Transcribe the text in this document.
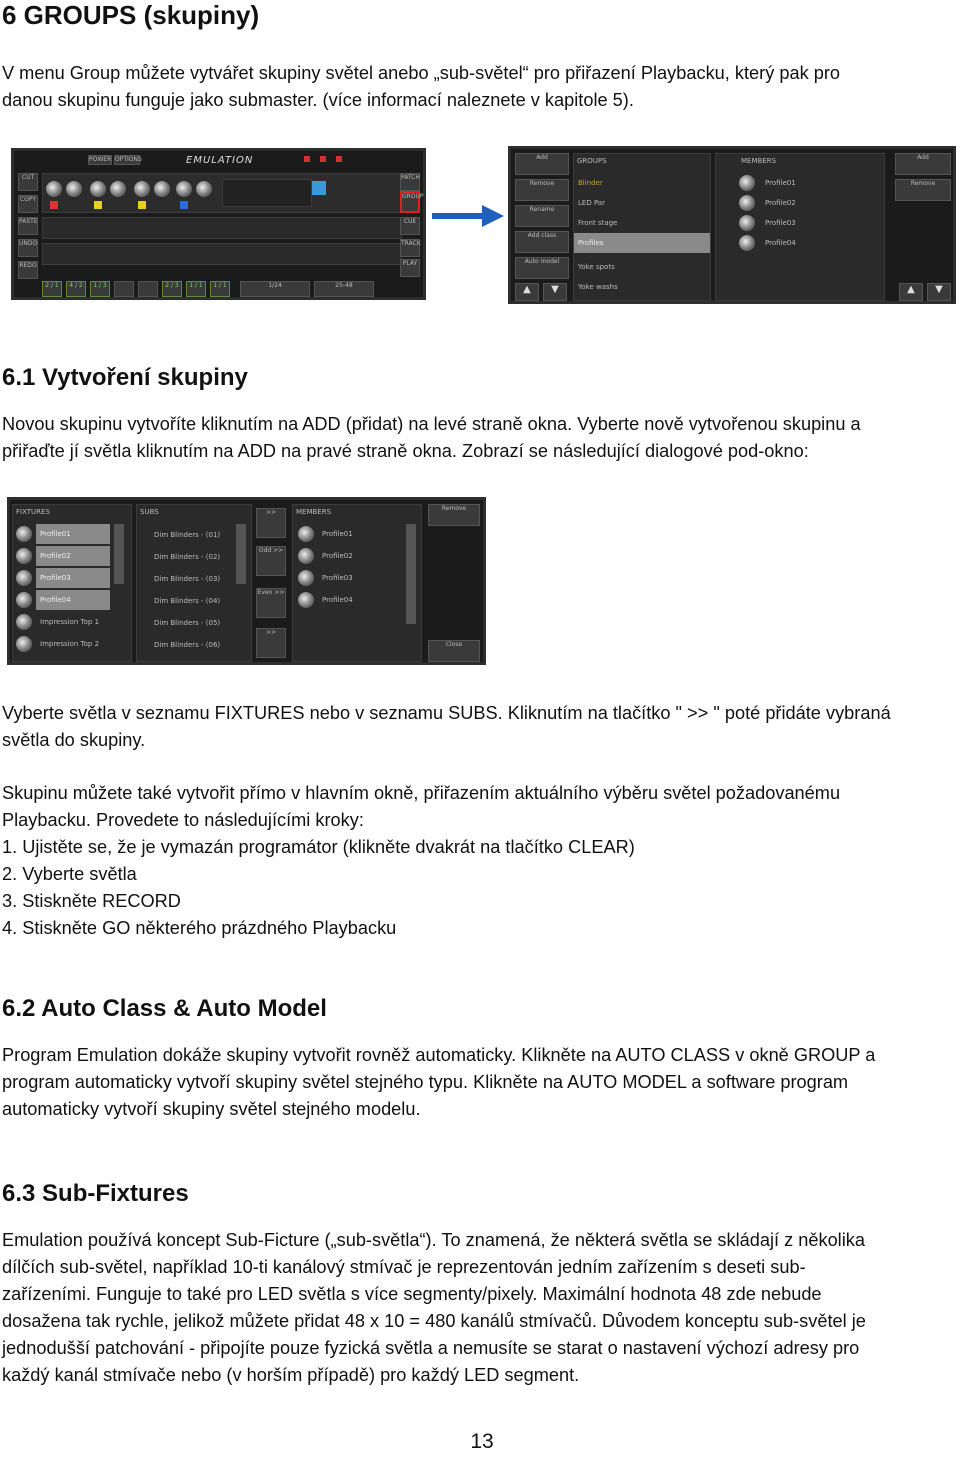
6 GROUPS (skupiny)
V menu Group můžete vytvářet skupiny světel anebo „sub-světel“ pro přiřazení Playbacku, který pak pro
danou skupinu funguje jako submaster. (více informací naleznete v kapitole 5).
POWER OPTIONS	EMULATION
CUT
COPY
PASTE
UNDO
REDO
PATCH
GROUP
CUE
TRACK
PLAY
2 / 1	4 / 2	1 / 3	2 / 3	1 / 1	1 / 1	1/24	25-48
Add
Remove
Rename
Add class
Auto model
▲	▼
GROUPS
Blinder
LED Par
Front stage
Profiles
Yoke spots
Yoke washs
MEMBERS
Profile01
Profile02
Profile03
Profile04
Add
Remove
▲	▼
6.1 Vytvoření skupiny
Novou skupinu vytvoříte kliknutím na ADD (přidat) na levé straně okna. Vyberte nově vytvořenou skupinu a
přiřaďte jí světla kliknutím na ADD na pravé straně okna. Zobrazí se následující dialogové pod-okno:
FIXTURES
Profile01
Profile02
Profile03
Profile04
Impression Top 1
Impression Top 2
SUBS
Dim Blinders - (01)
Dim Blinders - (02)
Dim Blinders - (03)
Dim Blinders - (04)
Dim Blinders - (05)
Dim Blinders - (06)
>>
Odd >>
Even >>
>>
MEMBERS
Profile01
Profile02
Profile03
Profile04
Remove
Close
Vyberte světla v seznamu FIXTURES nebo v seznamu SUBS. Kliknutím na tlačítko " >> " poté přidáte vybraná
světla do skupiny.
Skupinu můžete také vytvořit přímo v hlavním okně, přiřazením aktuálního výběru světel požadovanému
Playbacku. Provedete to následujícími kroky:
1. Ujistěte se, že je vymazán programátor (klikněte dvakrát na tlačítko CLEAR)
2. Vyberte světla
3. Stiskněte RECORD
4. Stiskněte GO některého prázdného Playbacku
6.2 Auto Class & Auto Model
Program Emulation dokáže skupiny vytvořit rovněž automaticky. Klikněte na AUTO CLASS v okně GROUP a
program automaticky vytvoří skupiny světel stejného typu. Klikněte na AUTO MODEL a software program
automaticky vytvoří skupiny světel stejného modelu.
6.3 Sub-Fixtures
Emulation používá koncept Sub-Ficture („sub-světla“). To znamená, že některá světla se skládají z několika
dílčích sub-světel, například 10-ti kanálový stmívač je reprezentován jedním zařízením s deseti sub-
zařízeními. Funguje to také pro LED světla s více segmenty/pixely. Maximální hodnota 48 zde nebude
dosažena tak rychle, jelikož můžete přidat 48 x 10 = 480 kanálů stmívačů. Důvodem konceptu sub-světel je
jednodušší patchování - připojíte pouze fyzická světla a nemusíte se starat o nastavení výchozí adresy pro
každý kanál stmívače nebo (v horším případě) pro každý LED segment.
13
